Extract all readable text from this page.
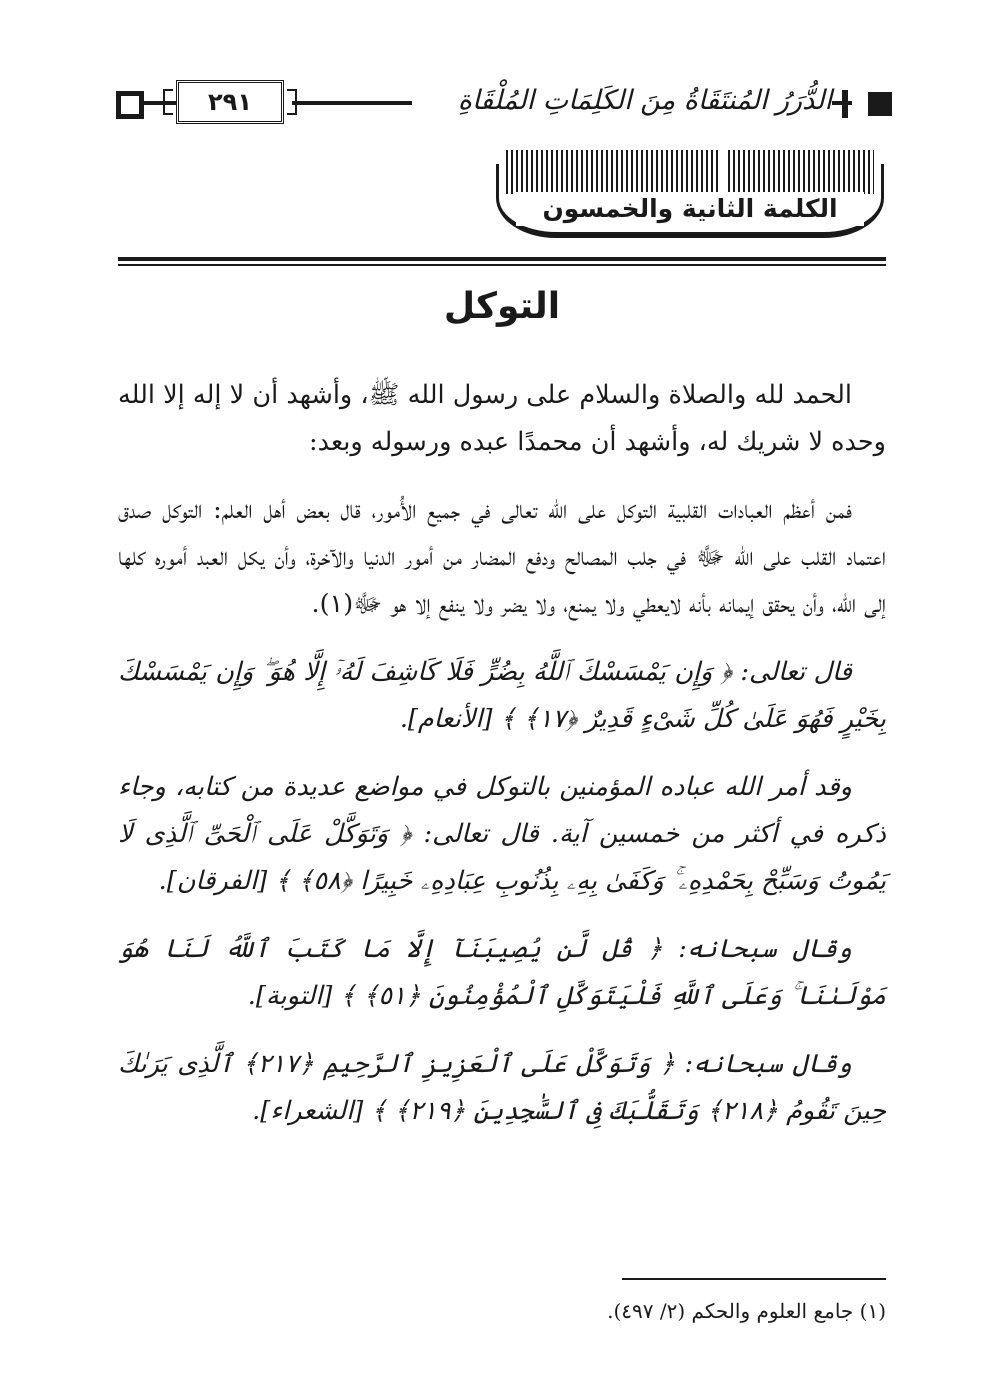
٢٩١	الدُّرَرُ المُنتَقَاةُ مِنَ الكَلِمَاتِ المُلْقَاةِ
الكلمة الثانية والخمسون
التوكل

الحمد لله والصلاة والسلام على رسول الله ﷺ، وأشهد أن لا إله إلا الله وحده لا شريك له، وأشهد أن محمدًا عبده ورسوله وبعد:

فمن أعظم العبادات القلبية التوكل على الله تعالى في جميع الأُمور، قال بعض أهل العلم: التوكل صدق اعتماد القلب على الله ﷻ في جلب المصالح ودفع المضار من أمور الدنيا والآخرة، وأن يكل العبد أموره كلها إلى الله، وأن يحقق إيمانه بأنه لايعطي ولا يمنع، ولا يضر ولا ينفع إلا هو ﷻ(١).

قال تعالى: ﴿ وَإِن يَمْسَسْكَ ٱللَّهُ بِضُرٍّ فَلَا كَاشِفَ لَهُۥٓ إِلَّا هُوَ ۖ وَإِن يَمْسَسْكَ بِخَيْرٍ فَهُوَ عَلَىٰ كُلِّ شَىْءٍ قَدِيرٌ ﴿١٧﴾ ﴾ [الأنعام].

وقد أمر الله عباده المؤمنين بالتوكل في مواضع عديدة من كتابه، وجاء ذكره في أكثر من خمسين آية. قال تعالى: ﴿ وَتَوَكَّلْ عَلَى ٱلْحَىِّ ٱلَّذِى لَا يَمُوتُ وَسَبِّحْ بِحَمْدِهِۦ ۚ وَكَفَىٰ بِهِۦ بِذُنُوبِ عِبَادِهِۦ خَبِيرًا ﴿٥٨﴾ ﴾ [الفرقان].

وقال سبحانه: ﴿ قُل لَّن يُصِيبَنَآ إِلَّا مَا كَتَبَ ٱللَّهُ لَنَا هُوَ مَوْلَىٰنَا ۚ وَعَلَى ٱللَّهِ فَلْيَتَوَكَّلِ ٱلْمُؤْمِنُونَ ﴿٥١﴾ ﴾ [التوبة].

وقال سبحانه: ﴿ وَتَوَكَّلْ عَلَى ٱلْعَزِيزِ ٱلرَّحِيمِ ﴿٢١٧﴾ ٱلَّذِى يَرَىٰكَ حِينَ تَقُومُ ﴿٢١٨﴾ وَتَقَلُّبَكَ فِى ٱلسَّٰجِدِينَ ﴿٢١٩﴾ ﴾ [الشعراء].

(١) جامع العلوم والحكم (٢/ ٤٩٧).
